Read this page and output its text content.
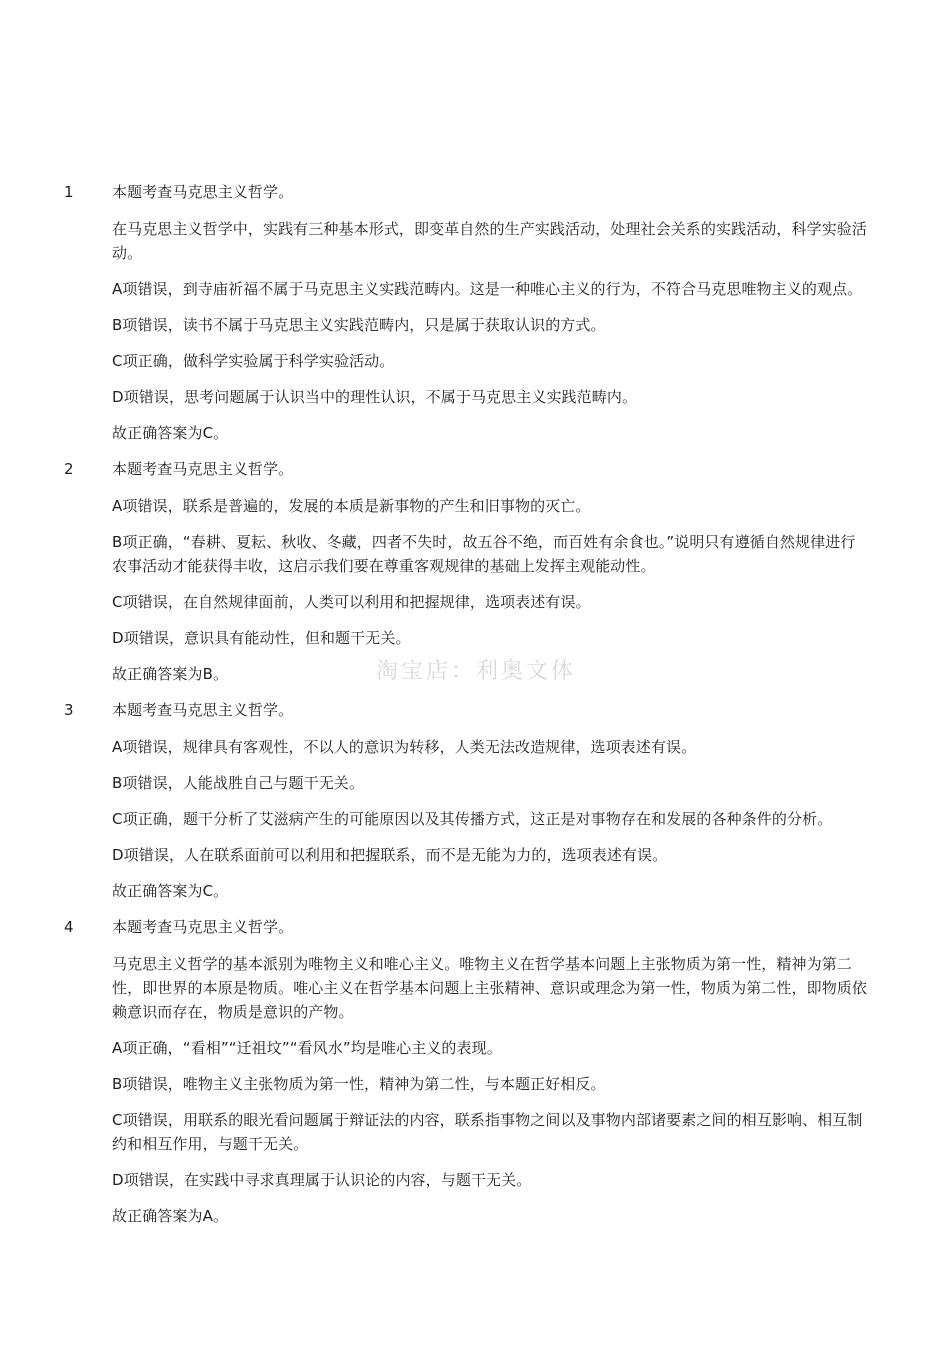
1	本题考查马克思主义哲学。

在马克思主义哲学中，实践有三种基本形式，即变革自然的生产实践活动，处理社会关系的实践活动，科学实验活动。

A项错误，到寺庙祈福不属于马克思主义实践范畴内。这是一种唯心主义的行为，不符合马克思唯物主义的观点。

B项错误，读书不属于马克思主义实践范畴内，只是属于获取认识的方式。

C项正确，做科学实验属于科学实验活动。

D项错误，思考问题属于认识当中的理性认识，不属于马克思主义实践范畴内。

故正确答案为C。

2	本题考查马克思主义哲学。

A项错误，联系是普遍的，发展的本质是新事物的产生和旧事物的灭亡。

B项正确，“春耕、夏耘、秋收、冬藏，四者不失时，故五谷不绝，而百姓有余食也。”说明只有遵循自然规律进行农事活动才能获得丰收，这启示我们要在尊重客观规律的基础上发挥主观能动性。

C项错误，在自然规律面前，人类可以利用和把握规律，选项表述有误。

D项错误，意识具有能动性，但和题干无关。

故正确答案为B。

3	本题考查马克思主义哲学。

A项错误，规律具有客观性，不以人的意识为转移，人类无法改造规律，选项表述有误。

B项错误，人能战胜自己与题干无关。

C项正确，题干分析了艾滋病产生的可能原因以及其传播方式，这正是对事物存在和发展的各种条件的分析。

D项错误，人在联系面前可以利用和把握联系，而不是无能为力的，选项表述有误。

故正确答案为C。

4	本题考查马克思主义哲学。

马克思主义哲学的基本派别为唯物主义和唯心主义。唯物主义在哲学基本问题上主张物质为第一性，精神为第二性，即世界的本原是物质。唯心主义在哲学基本问题上主张精神、意识或理念为第一性，物质为第二性，即物质依赖意识而存在，物质是意识的产物。

A项正确，“看相”“迁祖坟”“看风水”均是唯心主义的表现。

B项错误，唯物主义主张物质为第一性，精神为第二性，与本题正好相反。

C项错误，用联系的眼光看问题属于辩证法的内容，联系指事物之间以及事物内部诸要素之间的相互影响、相互制约和相互作用，与题干无关。

D项错误，在实践中寻求真理属于认识论的内容，与题干无关。

故正确答案为A。

淘宝店：利奥文体
